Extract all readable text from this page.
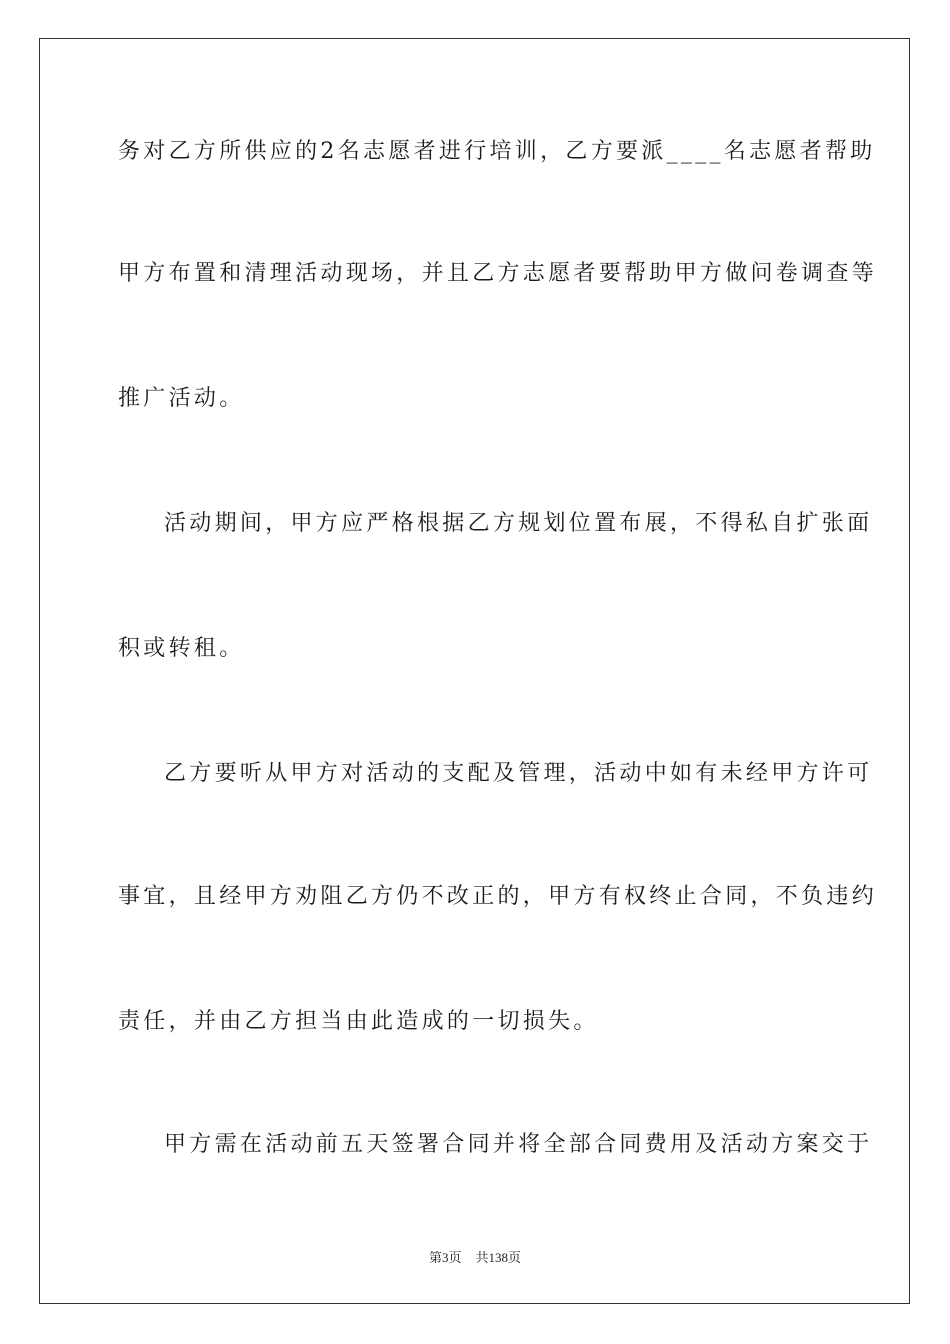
务对乙方所供应的2名志愿者进行培训，乙方要派____名志愿者帮助
甲方布置和清理活动现场，并且乙方志愿者要帮助甲方做问卷调查等
推广活动。
活动期间，甲方应严格根据乙方规划位置布展，不得私自扩张面
积或转租。
乙方要听从甲方对活动的支配及管理，活动中如有未经甲方许可
事宜，且经甲方劝阻乙方仍不改正的，甲方有权终止合同，不负违约
责任，并由乙方担当由此造成的一切损失。
甲方需在活动前五天签署合同并将全部合同费用及活动方案交于
第3页 共138页
